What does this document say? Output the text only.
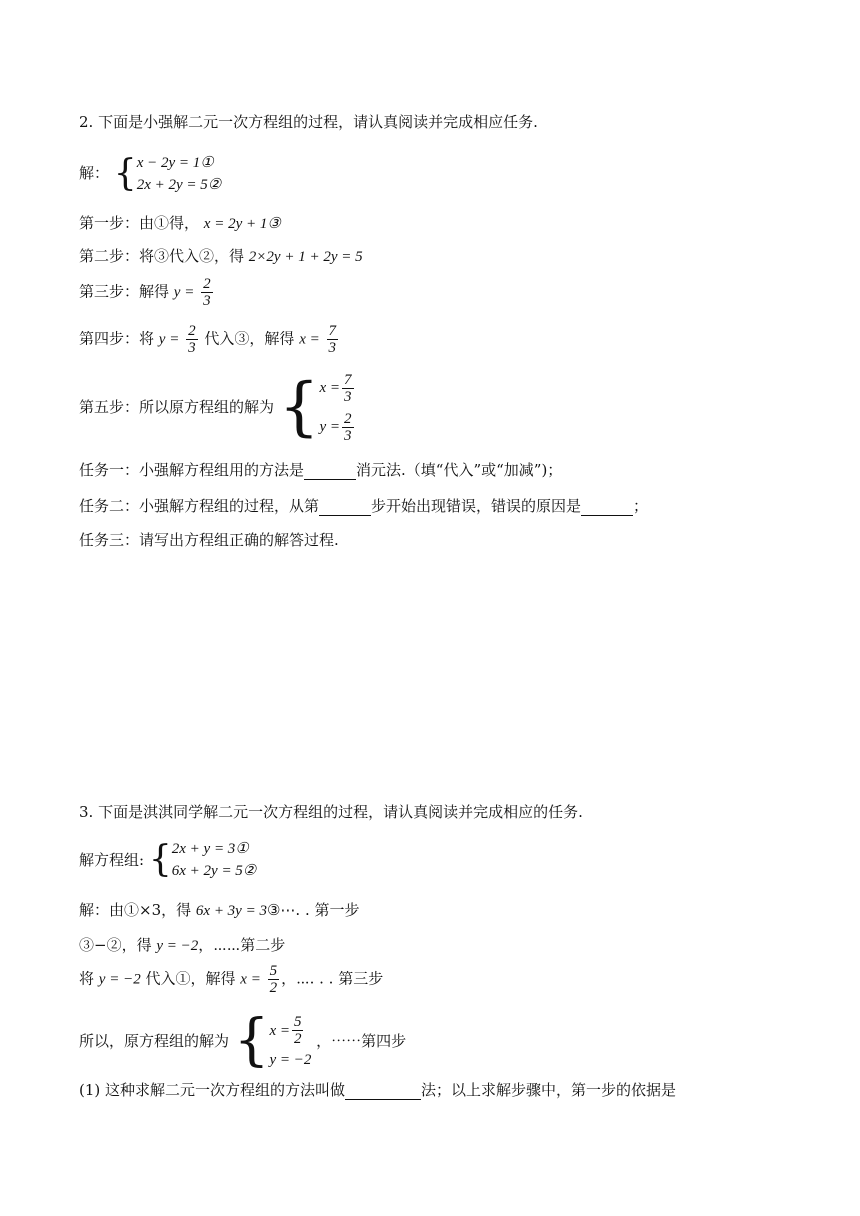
2. 下面是小强解二元一次方程组的过程，请认真阅读并完成相应任务.
解： { x − 2y = 1①
2x + 2y = 5②
第一步：由①得， x = 2y + 1③
第二步：将③代入②，得 2×2y + 1 + 2y = 5
第三步：解得 $y = \frac{2}{3}$
第四步：将 $y = \frac{2}{3}$ 代入③，解得 $x = \frac{7}{3}$
第五步：所以原方程组的解为 { $x = \frac{7}{3}$
$y = \frac{2}{3}$
任务一：小强解方程组用的方法是	消元法.（填“代入”或“加减”)；
任务二：小强解方程组的过程，从第	步开始出现错误，错误的原因是	；
任务三：请写出方程组正确的解答过程.
3. 下面是淇淇同学解二元一次方程组的过程，请认真阅读并完成相应的任务.
解方程组: { 2x + y = 3①
6x + 2y = 5②
解：由①×3，得 6x + 3y = 3③⋯. . 第一步
③−②，得 y = −2，⋯⋯第二步
将 y = −2 代入①，解得 $x = \frac{5}{2}$ ，⋯. . . 第三步
所以，原方程组的解为 { $x = \frac{5}{2}$
y = −2
，⋯⋯第四步
(1) 这种求解二元一次方程组的方法叫做	法；以上求解步骤中，第一步的依据是
